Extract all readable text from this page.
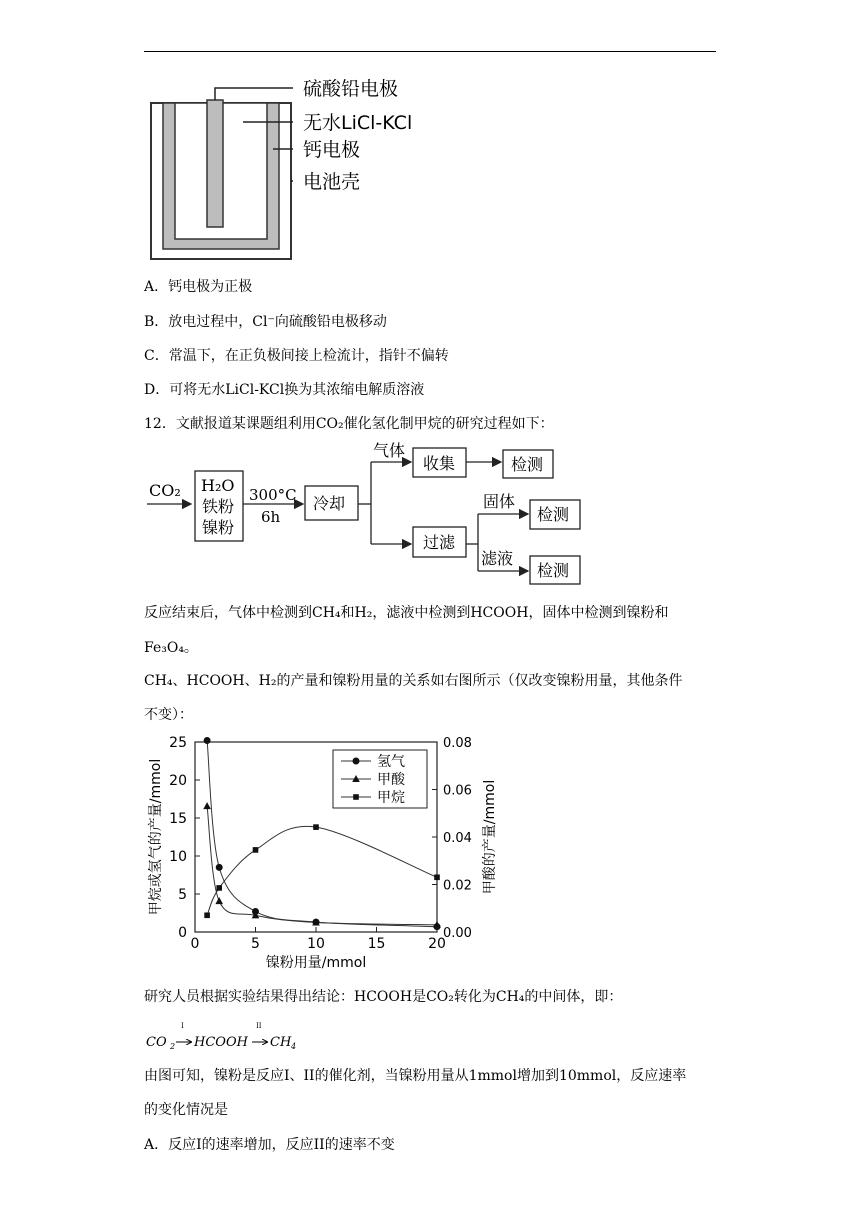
硫酸铅电极
无水LiCl-KCl
钙电极
电池壳
A．钙电极为正极
B．放电过程中，Cl⁻向硫酸铅电极移动
C．常温下，在正负极间接上检流计，指针不偏转
D．可将无水LiCl-KCl换为其浓缩电解质溶液
12．文献报道某课题组利用CO₂催化氢化制甲烷的研究过程如下：
CO₂ H₂O
铁粉
镍粉
300°C
6h
冷却
气体
收集	检测
过滤
固体
检测
滤液
检测
反应结束后，气体中检测到CH₄和H₂，滤液中检测到HCOOH，固体中检测到镍粉和
Fe₃O₄。
CH₄、HCOOH、H₂的产量和镍粉用量的关系如右图所示（仅改变镍粉用量，其他条件
不变）：
0	5	10	15	20
0
5
10
15
20
25
0.00
0.02
0.04
0.06
0.08
氢气
甲酸
甲烷
镍粉用量/mmol
甲烷或氢气的产量/mmol	甲酸的产量/mmol
研究人员根据实验结果得出结论：HCOOH是CO₂转化为CH₄的中间体，即：
CO 2
I
HCOOH
II
CH 4
由图可知，镍粉是反应I、II的催化剂，当镍粉用量从1mmol增加到10mmol，反应速率
的变化情况是
A．反应I的速率增加，反应II的速率不变
